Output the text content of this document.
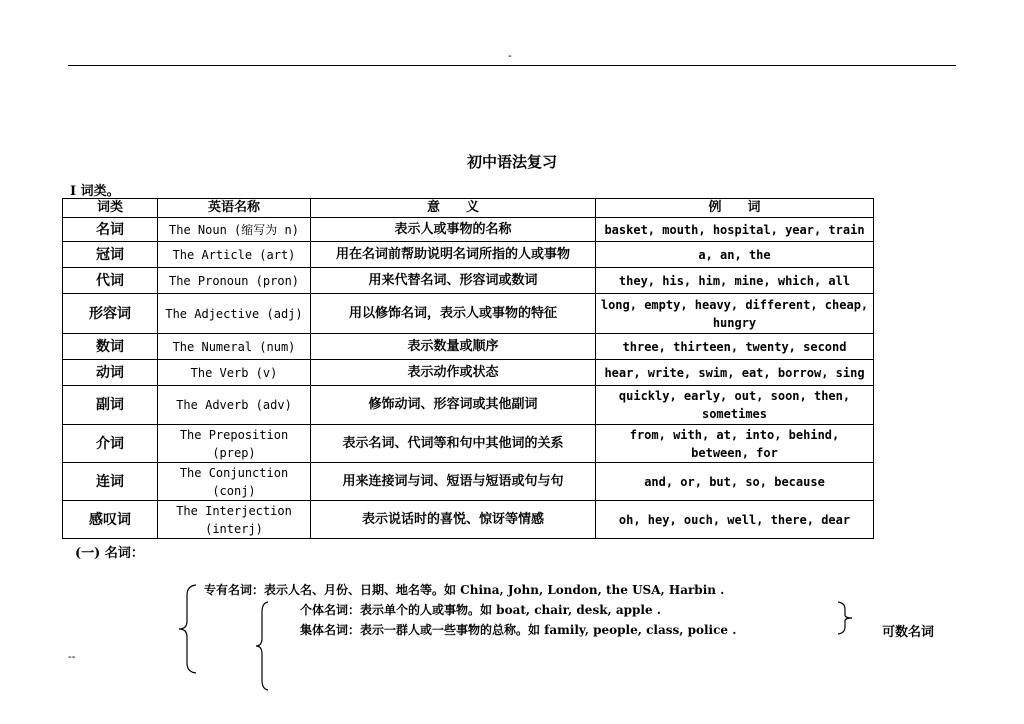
-
初中语法复习
Ⅰ 词类。
词类	英语名称	意　　义	例　　词
名词	The Noun (缩写为 n)	表示人或事物的名称	basket, mouth, hospital, year, train
冠词	The Article (art)	用在名词前帮助说明名词所指的人或事物	a, an, the
代词	The Pronoun (pron)	用来代替名词、形容词或数词	they, his, him, mine, which, all
形容词	The Adjective (adj)	用以修饰名词，表示人或事物的特征	long, empty, heavy, different, cheap, hungry
数词	The Numeral (num)	表示数量或顺序	three, thirteen, twenty, second
动词	The Verb (v)	表示动作或状态	hear, write, swim, eat, borrow, sing
副词	The Adverb (adv)	修饰动词、形容词或其他副词	quickly, early, out, soon, then, sometimes
介词	The Preposition (prep)	表示名词、代词等和句中其他词的关系	from, with, at, into, behind, between, for
连词	The Conjunction (conj)	用来连接词与词、短语与短语或句与句	and, or, but, so, because
感叹词	The Interjection (interj)	表示说话时的喜悦、惊讶等情感	oh, hey, ouch, well, there, dear
(一) 名词：
专有名词：表示人名、月份、日期、地名等。如 China, John, London, the USA, Harbin .
个体名词：表示单个的人或事物。如 boat, chair, desk, apple .
集体名词：表示一群人或一些事物的总称。如 family, people, class, police .	可数名词
--
